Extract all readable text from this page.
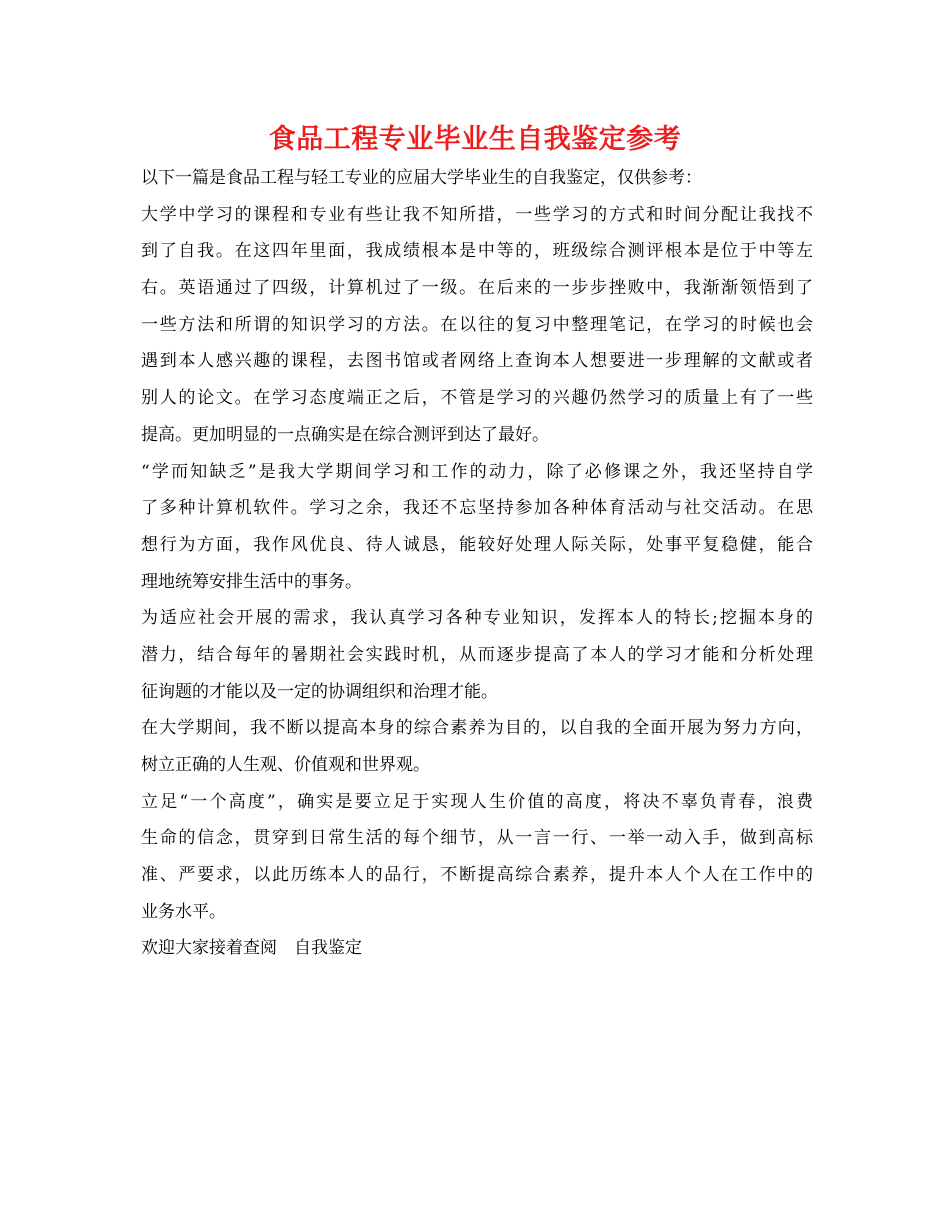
食品工程专业毕业生自我鉴定参考
以下一篇是食品工程与轻工专业的应届大学毕业生的自我鉴定，仅供参考：
大学中学习的课程和专业有些让我不知所措，一些学习的方式和时间分配让我找不
到了自我。在这四年里面，我成绩根本是中等的，班级综合测评根本是位于中等左
右。英语通过了四级，计算机过了一级。在后来的一步步挫败中，我渐渐领悟到了
一些方法和所谓的知识学习的方法。在以往的复习中整理笔记，在学习的时候也会
遇到本人感兴趣的课程，去图书馆或者网络上查询本人想要进一步理解的文献或者
别人的论文。在学习态度端正之后，不管是学习的兴趣仍然学习的质量上有了一些
提高。更加明显的一点确实是在综合测评到达了最好。
“学而知缺乏”是我大学期间学习和工作的动力，除了必修课之外，我还坚持自学
了多种计算机软件。学习之余，我还不忘坚持参加各种体育活动与社交活动。在思
想行为方面，我作风优良、待人诚恳，能较好处理人际关际，处事平复稳健，能合
理地统筹安排生活中的事务。
为适应社会开展的需求，我认真学习各种专业知识，发挥本人的特长;挖掘本身的
潜力，结合每年的暑期社会实践时机，从而逐步提高了本人的学习才能和分析处理
征询题的才能以及一定的协调组织和治理才能。
在大学期间，我不断以提高本身的综合素养为目的，以自我的全面开展为努力方向，
树立正确的人生观、价值观和世界观。
立足“一个高度”，确实是要立足于实现人生价值的高度，将决不辜负青春，浪费
生命的信念，贯穿到日常生活的每个细节，从一言一行、一举一动入手，做到高标
准、严要求，以此历练本人的品行，不断提高综合素养，提升本人个人在工作中的
业务水平。
欢迎大家接着查阅　自我鉴定
